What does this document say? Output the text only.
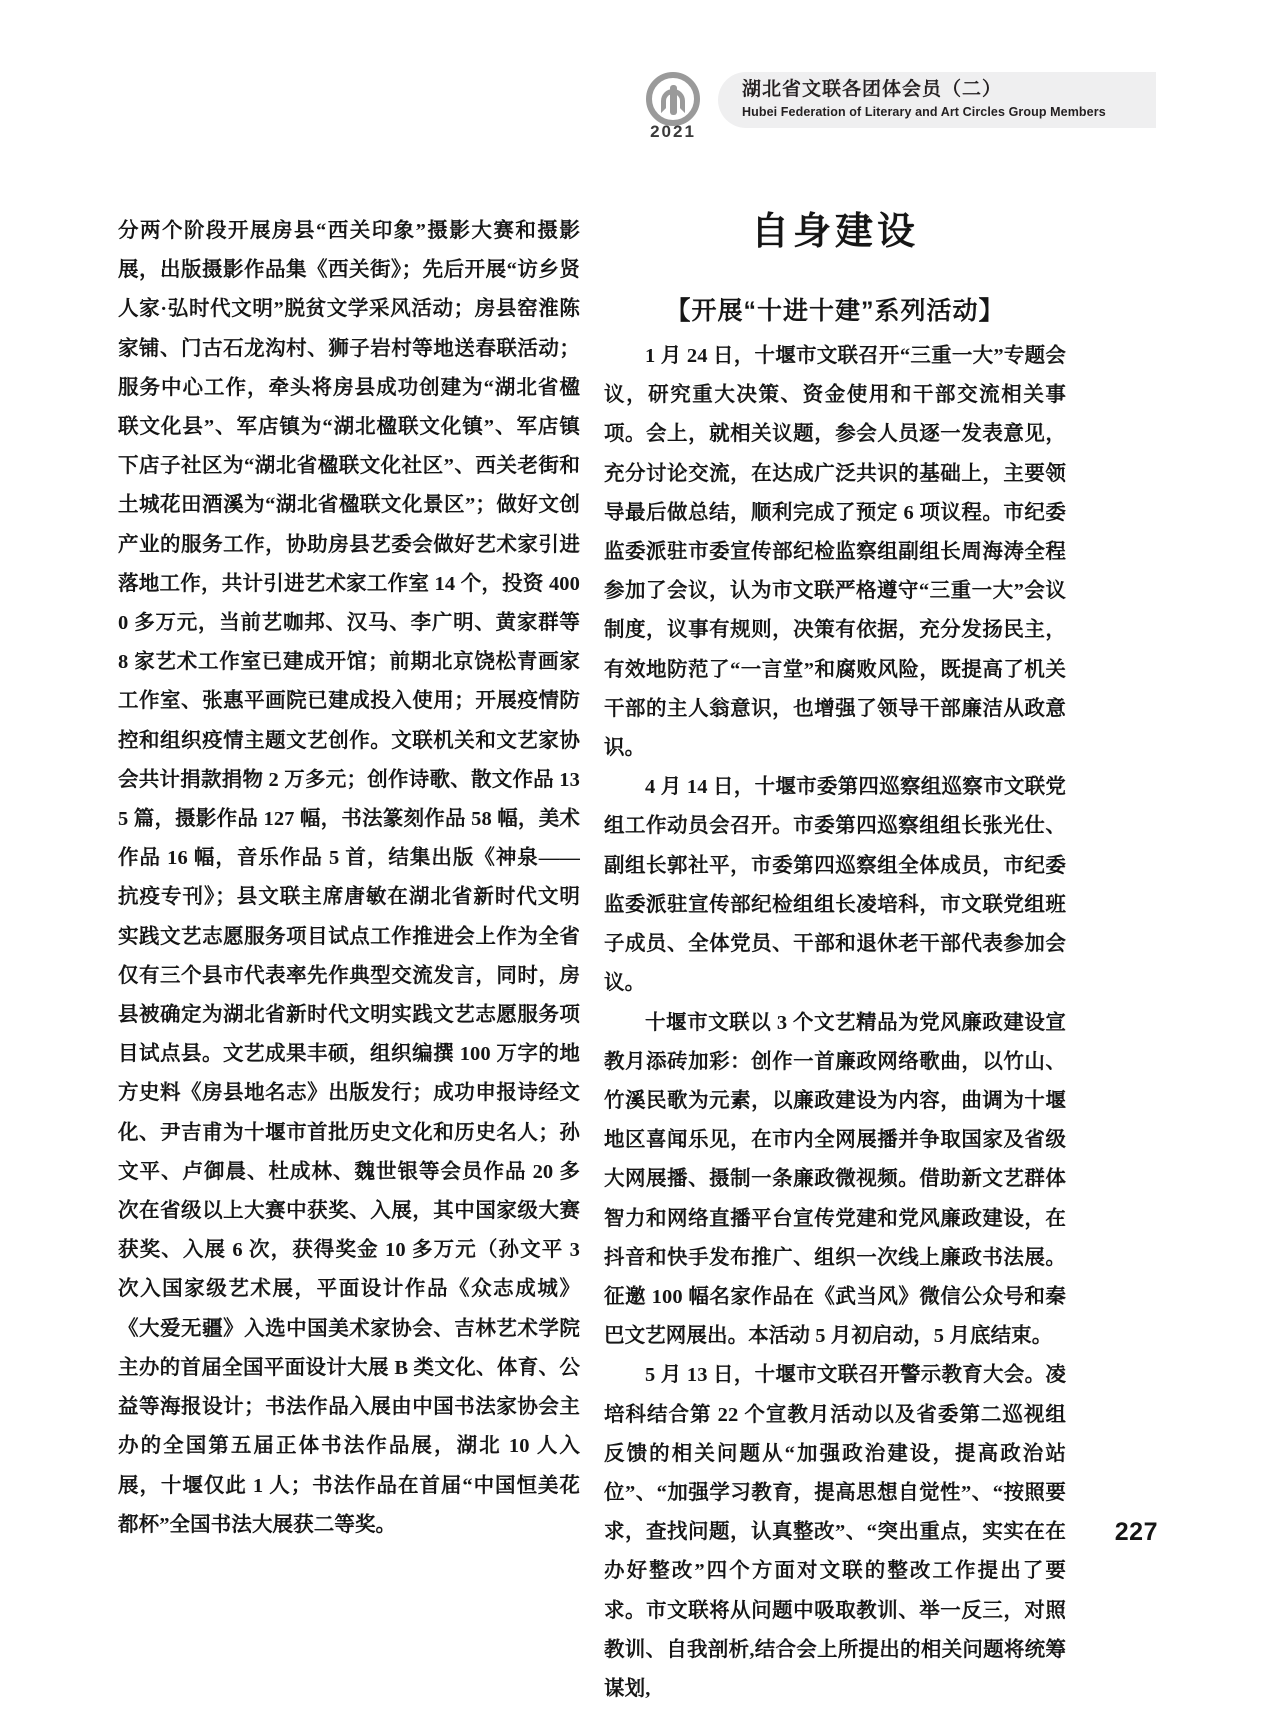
2021
湖北省文联各团体会员（二）
Hubei Federation of Literary and Art Circles Group Members

分两个阶段开展房县“西关印象”摄影大赛和摄影展，出版摄影作品集《西关街》；先后开展“访乡贤人家·弘时代文明”脱贫文学采风活动；房县窑淮陈家铺、门古石龙沟村、狮子岩村等地送春联活动；服务中心工作，牵头将房县成功创建为“湖北省楹联文化县”、军店镇为“湖北楹联文化镇”、军店镇下店子社区为“湖北省楹联文化社区”、西关老街和土城花田酒溪为“湖北省楹联文化景区”；做好文创产业的服务工作，协助房县艺委会做好艺术家引进落地工作，共计引进艺术家工作室 14 个，投资 4000 多万元，当前艺咖邦、汉马、李广明、黄家群等 8 家艺术工作室已建成开馆；前期北京饶松青画家工作室、张惠平画院已建成投入使用；开展疫情防控和组织疫情主题文艺创作。文联机关和文艺家协会共计捐款捐物 2 万多元；创作诗歌、散文作品 135 篇，摄影作品 127 幅，书法篆刻作品 58 幅，美术作品 16 幅，音乐作品 5 首，结集出版《神泉——抗疫专刊》；县文联主席唐敏在湖北省新时代文明实践文艺志愿服务项目试点工作推进会上作为全省仅有三个县市代表率先作典型交流发言，同时，房县被确定为湖北省新时代文明实践文艺志愿服务项目试点县。文艺成果丰硕，组织编撰 100 万字的地方史料《房县地名志》出版发行；成功申报诗经文化、尹吉甫为十堰市首批历史文化和历史名人；孙文平、卢御晨、杜成林、魏世银等会员作品 20 多次在省级以上大赛中获奖、入展，其中国家级大赛获奖、入展 6 次，获得奖金 10 多万元（孙文平 3 次入国家级艺术展，平面设计作品《众志成城》《大爱无疆》入选中国美术家协会、吉林艺术学院主办的首届全国平面设计大展 B 类文化、体育、公益等海报设计；书法作品入展由中国书法家协会主办的全国第五届正体书法作品展，湖北 10 人入展，十堰仅此 1 人；书法作品在首届“中国恒美花都杯”全国书法大展获二等奖。

自身建设
【开展“十进十建”系列活动】

1 月 24 日，十堰市文联召开“三重一大”专题会议，研究重大决策、资金使用和干部交流相关事项。会上，就相关议题，参会人员逐一发表意见，充分讨论交流，在达成广泛共识的基础上，主要领导最后做总结，顺利完成了预定 6 项议程。市纪委监委派驻市委宣传部纪检监察组副组长周海涛全程参加了会议，认为市文联严格遵守“三重一大”会议制度，议事有规则，决策有依据，充分发扬民主，有效地防范了“一言堂”和腐败风险，既提高了机关干部的主人翁意识，也增强了领导干部廉洁从政意识。

4 月 14 日，十堰市委第四巡察组巡察市文联党组工作动员会召开。市委第四巡察组组长张光仕、副组长郭社平，市委第四巡察组全体成员，市纪委监委派驻宣传部纪检组组长凌培科，市文联党组班子成员、全体党员、干部和退休老干部代表参加会议。

十堰市文联以 3 个文艺精品为党风廉政建设宣教月添砖加彩：创作一首廉政网络歌曲，以竹山、竹溪民歌为元素，以廉政建设为内容，曲调为十堰地区喜闻乐见，在市内全网展播并争取国家及省级大网展播、摄制一条廉政微视频。借助新文艺群体智力和网络直播平台宣传党建和党风廉政建设，在抖音和快手发布推广、组织一次线上廉政书法展。征邀 100 幅名家作品在《武当风》微信公众号和秦巴文艺网展出。本活动 5 月初启动，5 月底结束。

5 月 13 日，十堰市文联召开警示教育大会。凌培科结合第 22 个宣教月活动以及省委第二巡视组反馈的相关问题从“加强政治建设，提高政治站位”、“加强学习教育，提高思想自觉性”、“按照要求，查找问题，认真整改”、“突出重点，实实在在办好整改”四个方面对文联的整改工作提出了要求。市文联将从问题中吸取教训、举一反三，对照教训、自我剖析,结合会上所提出的相关问题将统筹谋划,

227
